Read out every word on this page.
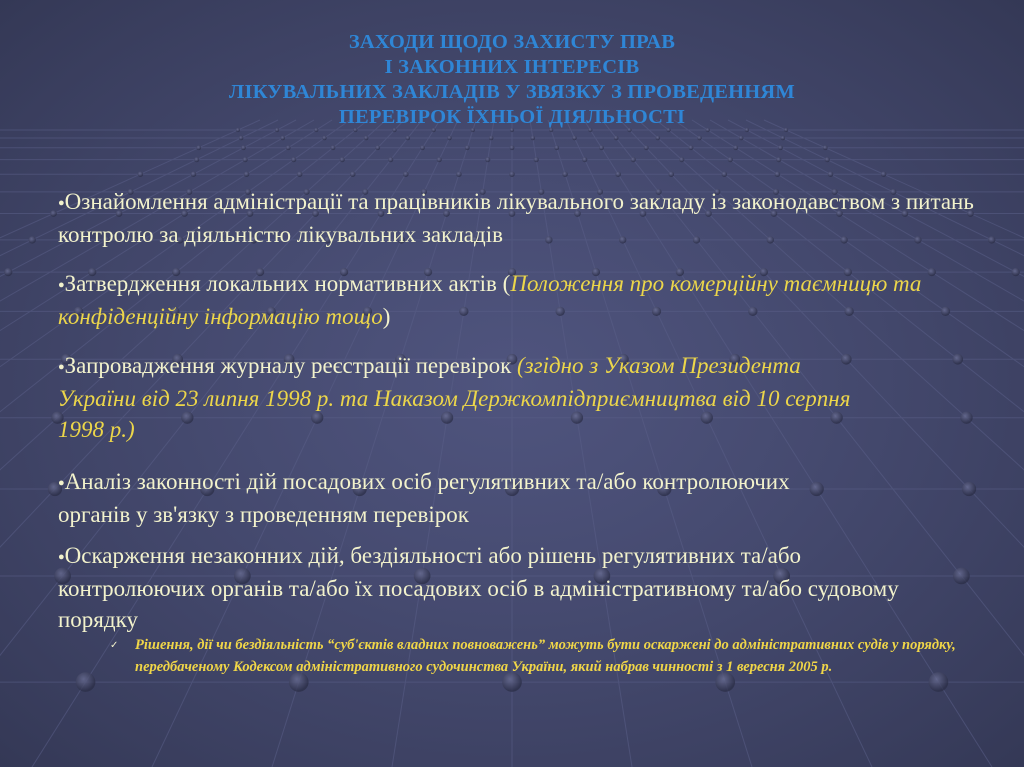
ЗАХОДИ ЩОДО ЗАХИСТУ ПРАВ
І ЗАКОННИХ ІНТЕРЕСІВ
ЛІКУВАЛЬНИХ ЗАКЛАДІВ У ЗВЯЗКУ З ПРОВЕДЕННЯМ
ПЕРЕВІРОК ЇХНЬОЇ ДІЯЛЬНОСТІ
●Ознайомлення адміністрації та працівників лікувального закладу із законодавством з питань контролю за діяльністю лікувальних закладів
●Затвердження локальних нормативних актів (Положення про комерційну таємницю та конфіденційну інформацію тощо)
●Запровадження журналу реєстрації перевірок (згідно з Указом Президента України від 23 липня 1998 р. та Наказом Держкомпідприємництва від 10 серпня 1998 р.)
●Аналіз законності дій посадових осіб регулятивних та/або контролюючих органів у зв'язку з проведенням перевірок
●Оскарження незаконних дій, бездіяльності або рішень регулятивних та/або контролюючих органів та/або їх посадових осіб в адміністративному та/або судовому порядку
✓	Рішення, дії чи бездіяльність “суб'єктів владних повноважень” можуть бути оскаржені до адміністративних судів у порядку, передбаченому Кодексом адміністративного судочинства України, який набрав чинності з 1 вересня 2005 р.
